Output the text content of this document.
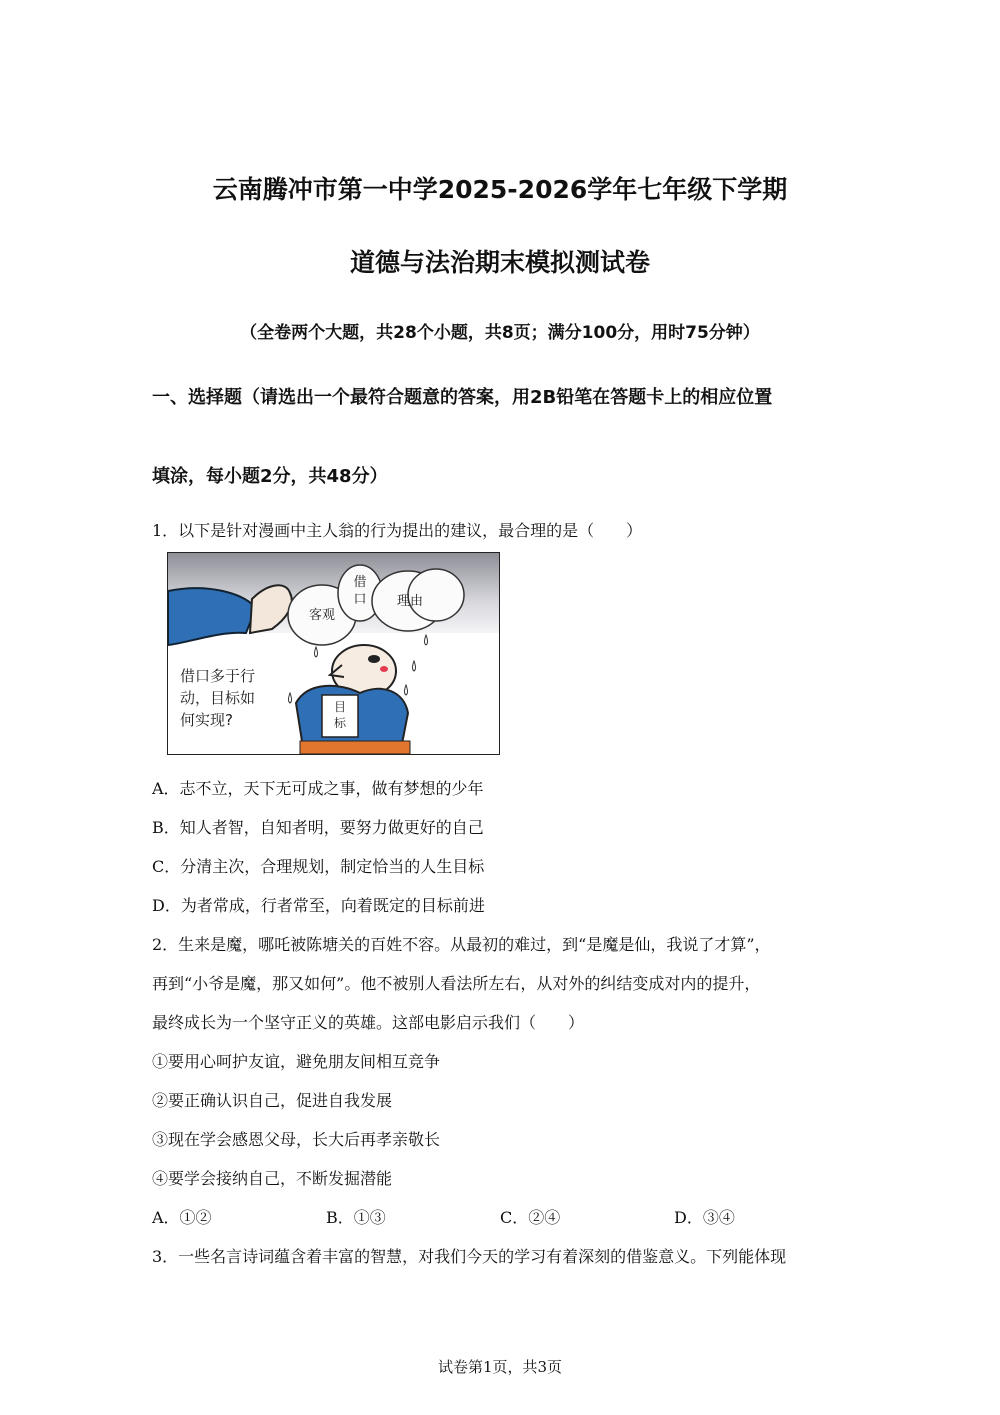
云南腾冲市第一中学2025-2026学年七年级下学期
道德与法治期末模拟测试卷
（全卷两个大题，共28个小题，共8页；满分100分，用时75分钟）
一、选择题（请选出一个最符合题意的答案，用2B铅笔在答题卡上的相应位置
填涂，每小题2分，共48分）
1．以下是针对漫画中主人翁的行为提出的建议，最合理的是（　　）
客观
借
口 理由
目
标
借口多于行
动，目标如
何实现?
A．志不立，天下无可成之事，做有梦想的少年
B．知人者智，自知者明，要努力做更好的自己
C．分清主次，合理规划，制定恰当的人生目标
D．为者常成，行者常至，向着既定的目标前进
2．生来是魔，哪吒被陈塘关的百姓不容。从最初的难过，到“是魔是仙，我说了才算”，
再到“小爷是魔，那又如何”。他不被别人看法所左右，从对外的纠结变成对内的提升，
最终成长为一个坚守正义的英雄。这部电影启示我们（　　）
①要用心呵护友谊，避免朋友间相互竞争
②要正确认识自己，促进自我发展
③现在学会感恩父母，长大后再孝亲敬长
④要学会接纳自己，不断发掘潜能
A．①②	B．①③	C．②④	D．③④
3．一些名言诗词蕴含着丰富的智慧，对我们今天的学习有着深刻的借鉴意义。下列能体现
试卷第1页，共3页
